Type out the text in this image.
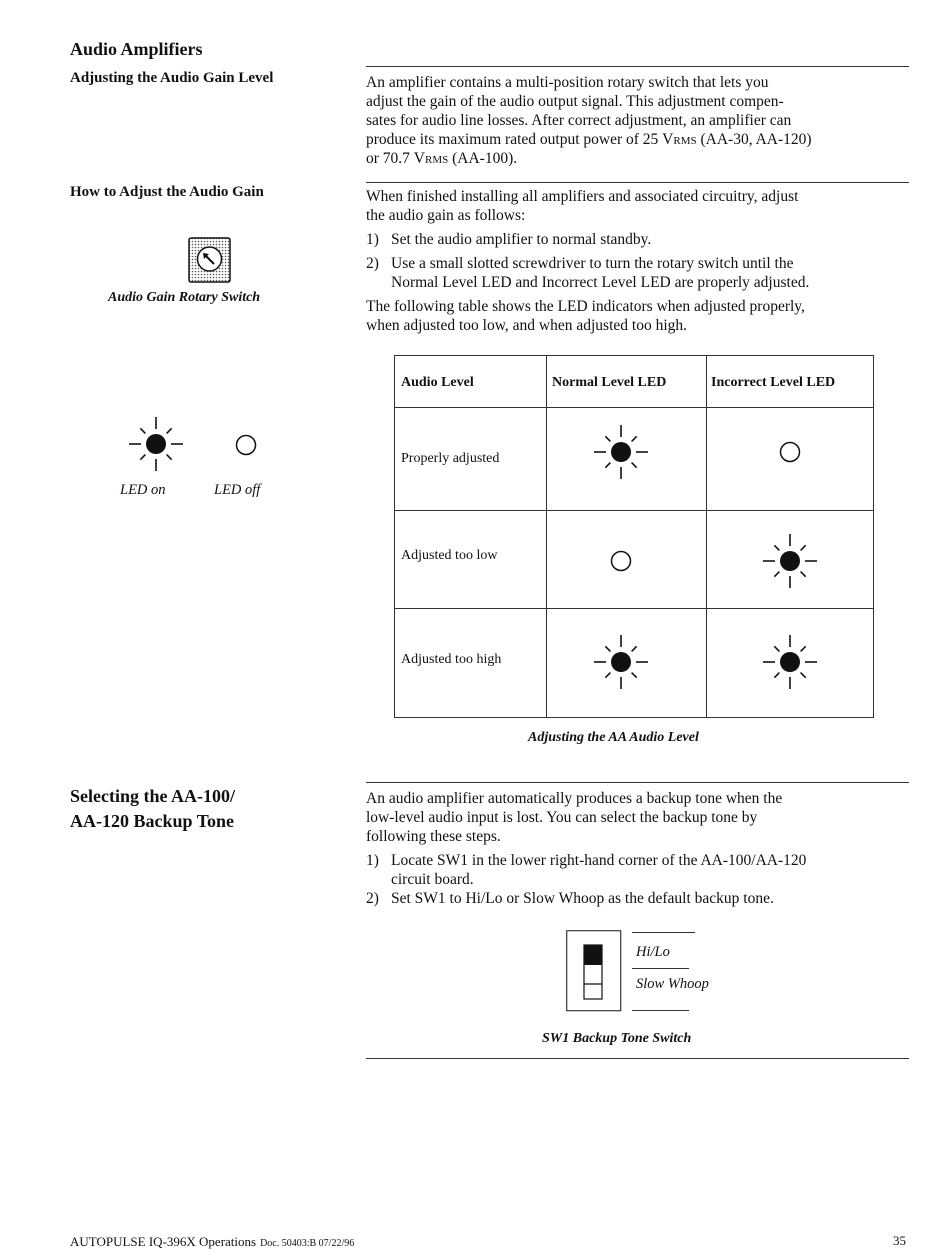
Audio Amplifiers
Adjusting the Audio Gain Level	An amplifier contains a multi-position rotary switch that lets you
adjust the gain of the audio output signal. This adjustment compen-
sates for audio line losses. After correct adjustment, an amplifier can
produce its maximum rated output power of 25 Vrms (AA-30, AA-120)
or 70.7 Vrms (AA-100).
How to Adjust the Audio Gain	When finished installing all amplifiers and associated circuitry, adjust
the audio gain as follows:
1) Set the audio amplifier to normal standby.
2) Use a small slotted screwdriver to turn the rotary switch until the
Normal Level LED and Incorrect Level LED are properly adjusted.
The following table shows the LED indicators when adjusted properly,
when adjusted too low, and when adjusted too high.
Audio Gain Rotary Switch
LED on	LED off
Audio Level	Normal Level LED	Incorrect Level LED
Properly adjusted
Adjusted too low
Adjusted too high
Adjusting the AA Audio Level
Selecting the AA-100/
AA-120 Backup Tone
An audio amplifier automatically produces a backup tone when the
low-level audio input is lost. You can select the backup tone by
following these steps.
1) Locate SW1 in the lower right-hand corner of the AA-100/AA-120
circuit board.
2) Set SW1 to Hi/Lo or Slow Whoop as the default backup tone.
Hi/Lo
Slow Whoop
SW1 Backup Tone Switch
AUTOPULSE IQ-396X Operations Doc. 50403:B 07/22/96	35
